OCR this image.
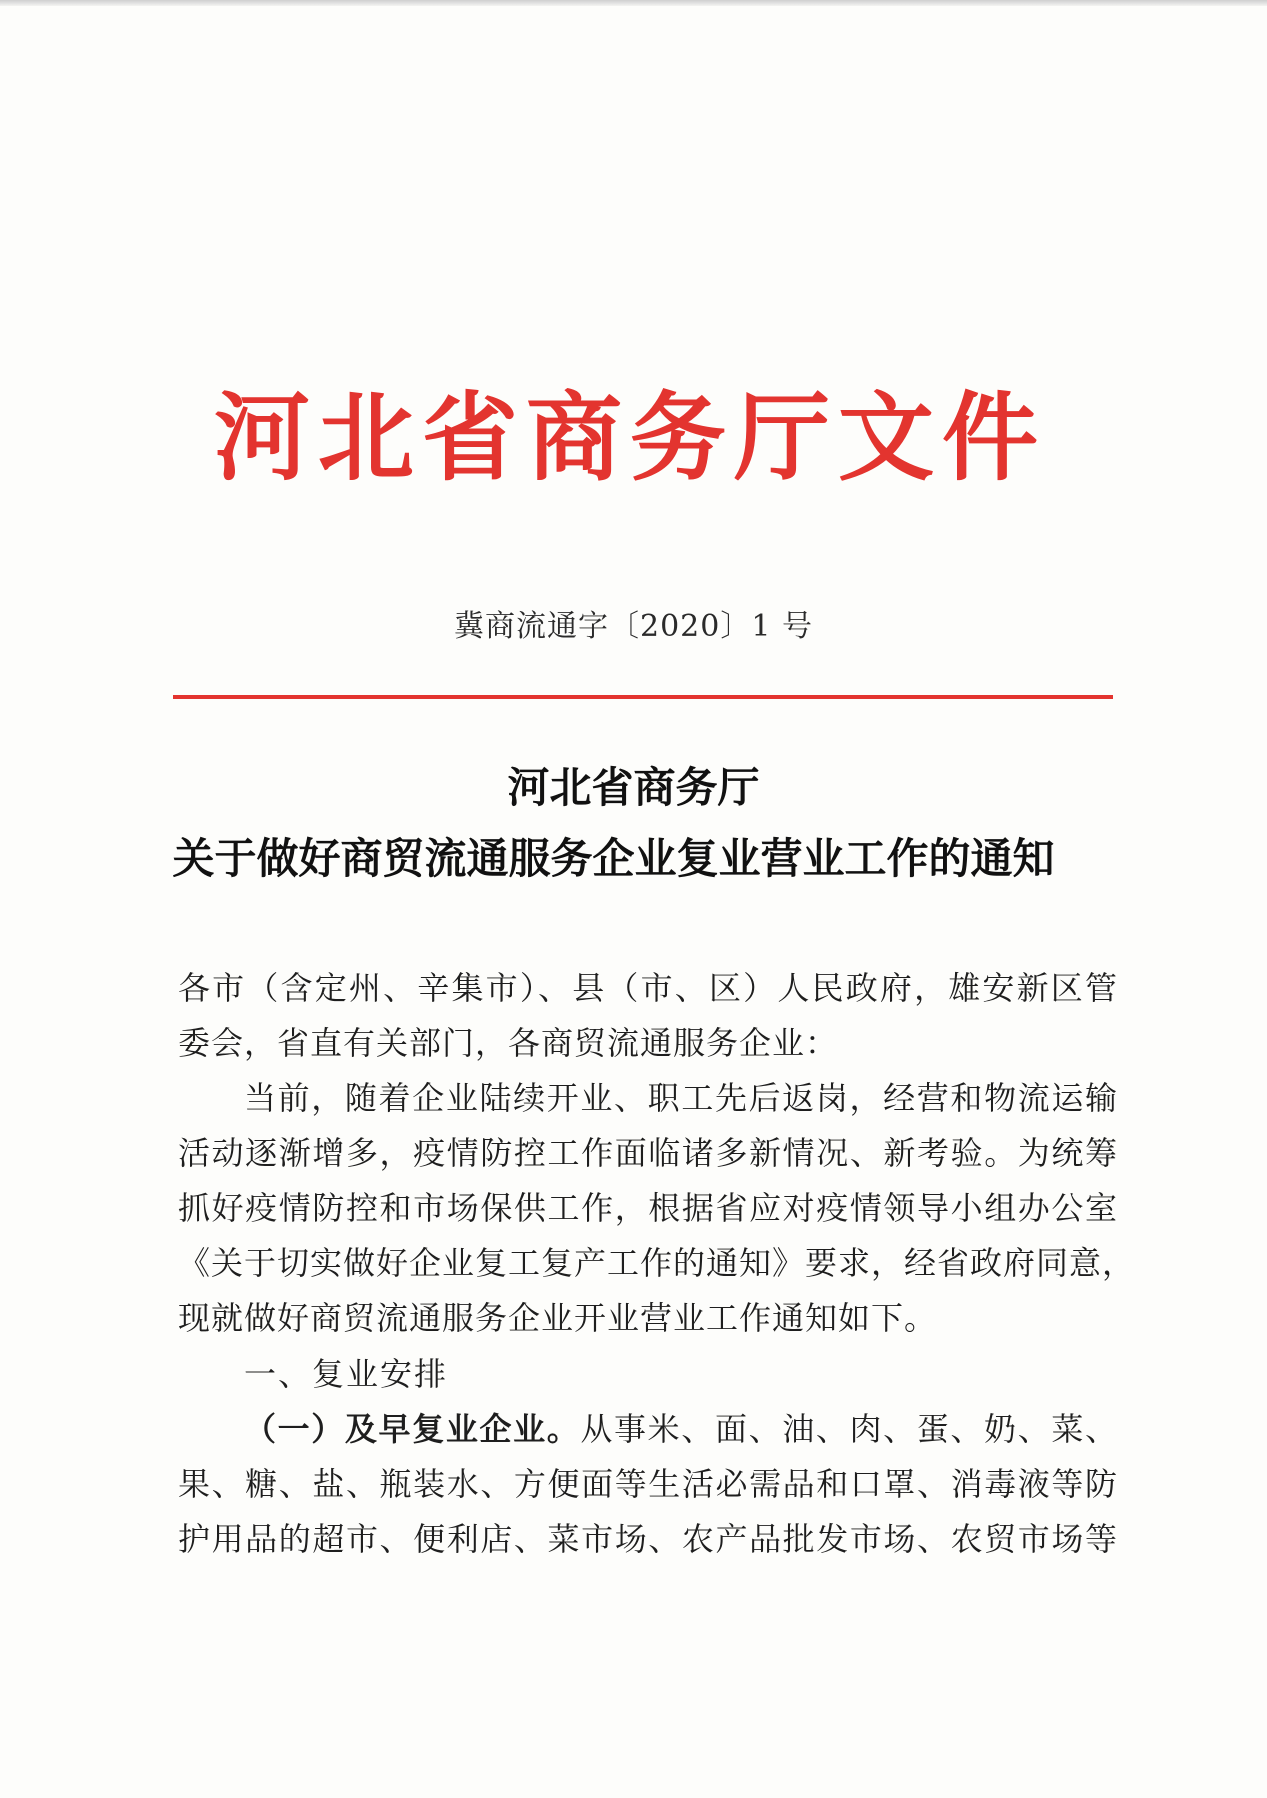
河北省商务厅文件
冀商流通字〔2020〕1 号
河北省商务厅
关于做好商贸流通服务企业复业营业工作的通知

各市（含定州、辛集市）、县（市、区）人民政府，雄安新区管

委会，省直有关部门，各商贸流通服务企业：

当前，随着企业陆续开业、职工先后返岗，经营和物流运输

活动逐渐增多，疫情防控工作面临诸多新情况、新考验。为统筹

抓好疫情防控和市场保供工作，根据省应对疫情领导小组办公室

《关于切实做好企业复工复产工作的通知》要求，经省政府同意，

现就做好商贸流通服务企业开业营业工作通知如下。

一、复业安排

（一）及早复业企业。从事米、面、油、肉、蛋、奶、菜、

果、糖、盐、瓶装水、方便面等生活必需品和口罩、消毒液等防

护用品的超市、便利店、菜市场、农产品批发市场、农贸市场等
